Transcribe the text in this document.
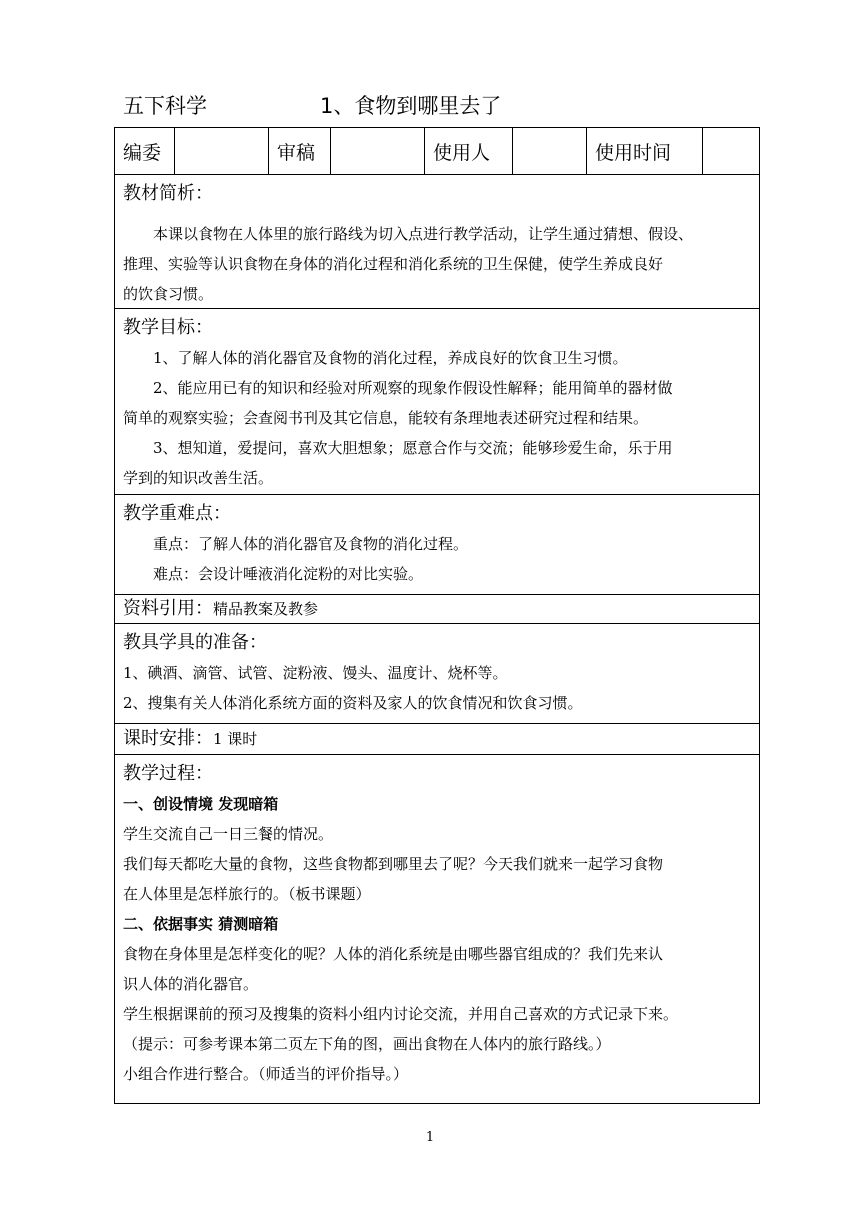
五下科学	1、食物到哪里去了
编委	审稿	使用人	使用时间
教材简析：

本课以食物在人体里的旅行路线为切入点进行教学活动，让学生通过猜想、假设、

推理、实验等认识食物在身体的消化过程和消化系统的卫生保健，使学生养成良好

的饮食习惯。

教学目标：

1、了解人体的消化器官及食物的消化过程，养成良好的饮食卫生习惯。

2、能应用已有的知识和经验对所观察的现象作假设性解释；能用简单的器材做

简单的观察实验；会查阅书刊及其它信息，能较有条理地表述研究过程和结果。

3、想知道，爱提问，喜欢大胆想象；愿意合作与交流；能够珍爱生命，乐于用

学到的知识改善生活。

教学重难点：

重点：了解人体的消化器官及食物的消化过程。

难点：会设计唾液消化淀粉的对比实验。

资料引用：精品教案及教参
教具学具的准备：

1、碘酒、滴管、试管、淀粉液、馒头、温度计、烧杯等。

2、搜集有关人体消化系统方面的资料及家人的饮食情况和饮食习惯。

课时安排：1 课时
教学过程：
一、创设情境 发现暗箱

学生交流自己一日三餐的情况。

我们每天都吃大量的食物，这些食物都到哪里去了呢？今天我们就来一起学习食物

在人体里是怎样旅行的。（板书课题）

二、依据事实 猜测暗箱

食物在身体里是怎样变化的呢？人体的消化系统是由哪些器官组成的？我们先来认

识人体的消化器官。

学生根据课前的预习及搜集的资料小组内讨论交流，并用自己喜欢的方式记录下来。

（提示：可参考课本第二页左下角的图，画出食物在人体内的旅行路线。）

小组合作进行整合。（师适当的评价指导。）

1
